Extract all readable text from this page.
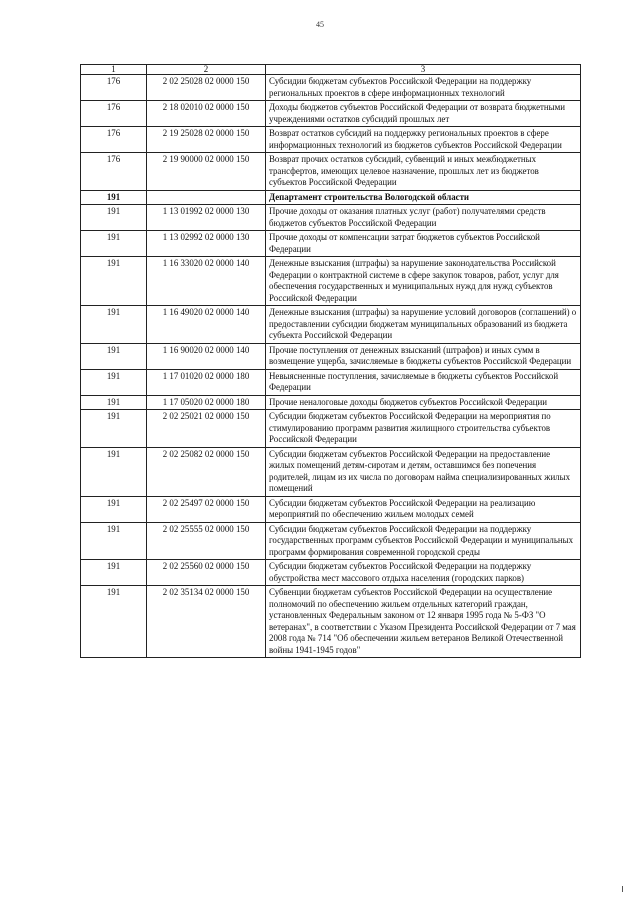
45
1	2	3
176	2 02 25028 02 0000 150	Субсидии бюджетам субъектов Российской Федерации на поддержку региональных проектов в сфере информационных технологий
176	2 18 02010 02 0000 150	Доходы бюджетов субъектов Российской Федерации от возврата бюджетными учреждениями остатков субсидий прошлых лет
176	2 19 25028 02 0000 150	Возврат остатков субсидий на поддержку региональных проектов в сфере информационных технологий из бюджетов субъектов Российской Федерации
176	2 19 90000 02 0000 150	Возврат прочих остатков субсидий, субвенций и иных межбюджетных трансфертов, имеющих целевое назначение, прошлых лет из бюджетов субъектов Российской Федерации
191		Департамент строительства Вологодской области
191	1 13 01992 02 0000 130	Прочие доходы от оказания платных услуг (работ) получателями средств бюджетов субъектов Российской Федерации
191	1 13 02992 02 0000 130	Прочие доходы от компенсации затрат бюджетов субъектов Российской Федерации
191	1 16 33020 02 0000 140	Денежные взыскания (штрафы) за нарушение законодательства Российской Федерации о контрактной системе в сфере закупок товаров, работ, услуг для обеспечения государственных и муниципальных нужд для нужд субъектов Российской Федерации
191	1 16 49020 02 0000 140	Денежные взыскания (штрафы) за нарушение условий договоров (соглашений) о предоставлении субсидии бюджетам муниципальных образований из бюджета субъекта Российской Федерации
191	1 16 90020 02 0000 140	Прочие поступления от денежных взысканий (штрафов) и иных сумм в возмещение ущерба, зачисляемые в бюджеты субъектов Российской Федерации
191	1 17 01020 02 0000 180	Невыясненные поступления, зачисляемые в бюджеты субъектов Российской Федерации
191	1 17 05020 02 0000 180	Прочие неналоговые доходы бюджетов субъектов Российской Федерации
191	2 02 25021 02 0000 150	Субсидии бюджетам субъектов Российской Федерации на мероприятия по стимулированию программ развития жилищного строительства субъектов Российской Федерации
191	2 02 25082 02 0000 150	Субсидии бюджетам субъектов Российской Федерации на предоставление жилых помещений детям-сиротам и детям, оставшимся без попечения родителей, лицам из их числа по договорам найма специализированных жилых помещений
191	2 02 25497 02 0000 150	Субсидии бюджетам субъектов Российской Федерации на реализацию мероприятий по обеспечению жильем молодых семей
191	2 02 25555 02 0000 150	Субсидии бюджетам субъектов Российской Федерации на поддержку государственных программ субъектов Российской Федерации и муниципальных программ формирования современной городской среды
191	2 02 25560 02 0000 150	Субсидии бюджетам субъектов Российской Федерации на поддержку обустройства мест массового отдыха населения (городских парков)
191	2 02 35134 02 0000 150	Субвенции бюджетам субъектов Российской Федерации на осуществление полномочий по обеспечению жильем отдельных категорий граждан, установленных Федеральным законом от 12 января 1995 года № 5-ФЗ "О ветеранах", в соответствии с Указом Президента Российской Федерации от 7 мая 2008 года № 714 "Об обеспечении жильем ветеранов Великой Отечественной войны 1941-1945 годов"
